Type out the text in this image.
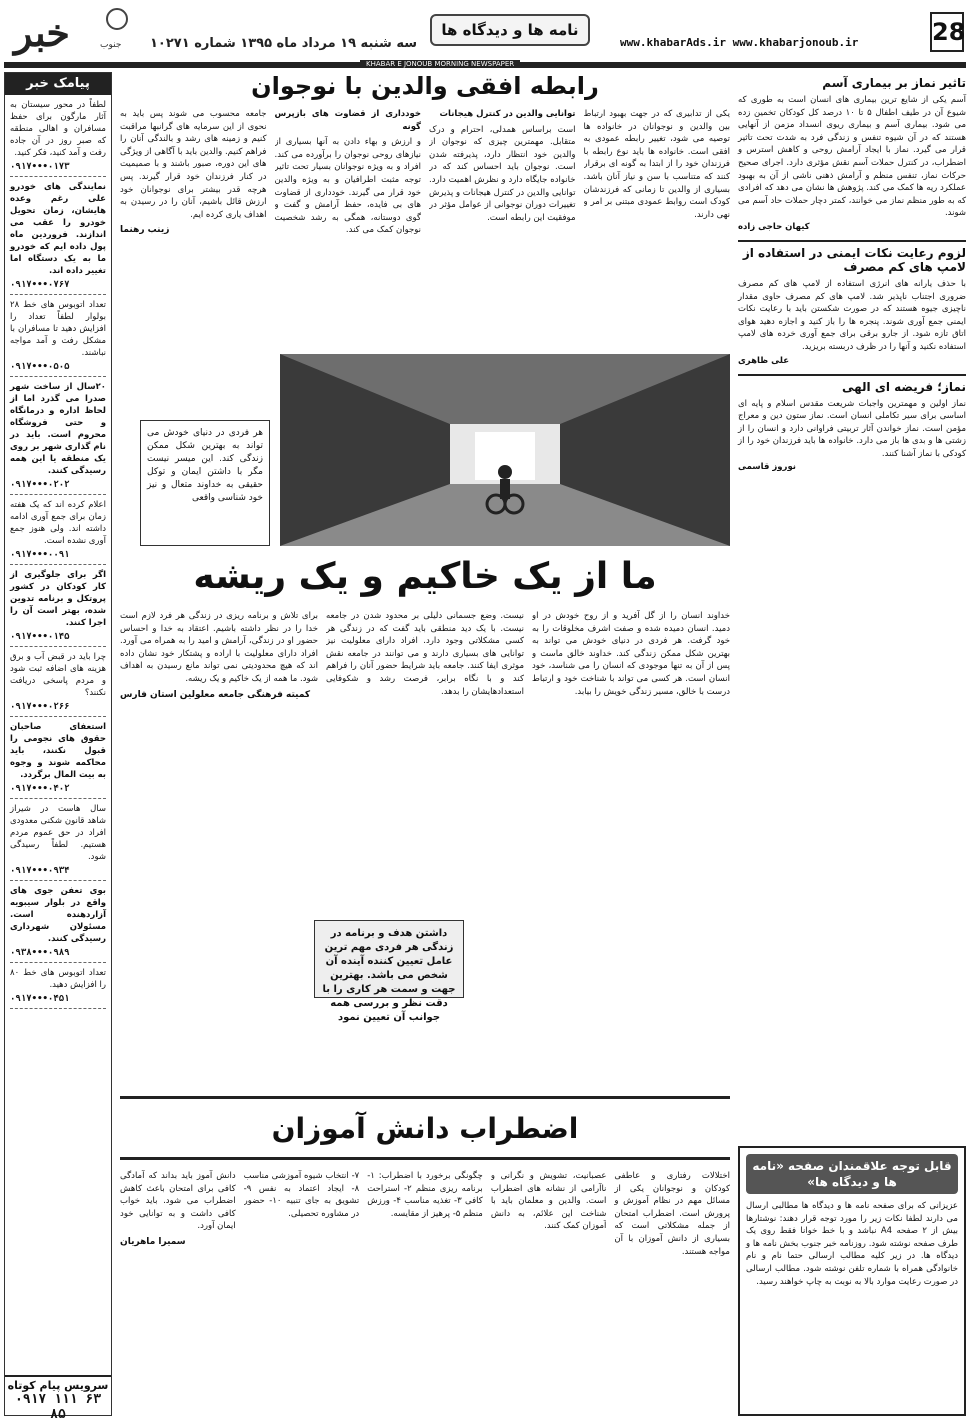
28
www.khabarAds.ir www.khabarjonoub.ir
نامه ها و دیدگاه ها
سه شنبه ۱۹ مرداد ماه ۱۳۹۵ شماره ۱۰۲۷۱
خبر	جنوب
KHABAR E JONOUB MORNING NEWSPAPER
پیامک خبر
لطفاً در محور سیستان به آثار مارگون برای حفظ مسافران و اهالی منطقه که صبر روز در آن جاده رفت و آمد کنید، فکر کنید.
۰۹۱۷•••۰۱۷۳
نمایندگی های خودرو علی رغم وعده هایشان، زمان تحویل خودرو را عقب می اندازند. فروردین ماه پول داده ایم که خودرو ما به یک دستگاه اما تغییر داده اند.
۰۹۱۷•••۰۷۶۷
تعداد اتوبوس های خط ۲۸ بولوار لطفاً تعداد را افزایش دهید تا مسافران با مشکل رفت و آمد مواجه نباشند.
۰۹۱۷•••۰۵۰۵
۲۰سال از ساخت شهر صدرا می گذرد اما از لحاظ اداره و درمانگاه و حتی فروشگاه محروم است. باید در نام گذاری شهر بر روی یک منطقه یا این همه رسیدگی کنند.
۰۹۱۷•••۰۲۰۲
اعلام کرده اند که یک هفته زمان برای جمع آوری ادامه داشته اند. ولی هنوز جمع آوری نشده است.
۰۹۱۷•••۰۰۹۱
اگر برای جلوگیری از کار کودکان در کشور پروتکل و برنامه تدوین شده، بهتر است آن را اجرا کنند.
۰۹۱۷•••۰۱۴۵
چرا باید در قبض آب و برق هزینه های اضافه ثبت شود و مردم پاسخی دریافت نکنند؟
۰۹۱۷•••۰۲۶۶
استعفای صاحبان حقوق های نجومی را قبول نکنند، باید محاکمه شوند و وجوه به بیت المال برگردد.
۰۹۱۷•••۰۴۰۲
سال هاست در شیراز شاهد قانون شکنی معدودی افراد در حق عموم مردم هستیم. لطفاً رسیدگی شود.
۰۹۱۷•••۰۹۳۴
بوی تعفن جوی های واقع در بلوار سیبویه آزاردهنده است. مسئولان شهرداری رسیدگی کنند.
۰۹۳۸•••۰۹۸۹
تعداد اتوبوس های خط ۸۰ را افزایش دهید.
۰۹۱۷•••۰۴۵۱
سرویس پیام کوتاه
۰۹۱۷ ۱۱۱ ۶۳ ۸۵
رابطه افقی والدین با نوجوان

یکی از تدابیری که در جهت بهبود ارتباط بین والدین و نوجوانان در خانواده ها توصیه می شود، تغییر رابطه عمودی به افقی است. خانواده ها باید نوع رابطه با فرزندان خود را از ابتدا به گونه ای برقرار کنند که متناسب با سن و نیاز آنان باشد. بسیاری از والدین تا زمانی که فرزندشان کودک است روابط عمودی مبتنی بر امر و نهی دارند.

توانایی والدین در کنترل هیجانات

است براساس همدلی، احترام و درک متقابل. مهمترین چیزی که نوجوان از والدین خود انتظار دارد، پذیرفته شدن است. نوجوان باید احساس کند که در خانواده جایگاه دارد و نظرش اهمیت دارد. توانایی والدین در کنترل هیجانات و پذیرش تغییرات دوران نوجوانی از عوامل مؤثر در موفقیت این رابطه است.

خودداری از قضاوت های بازپرس گونه

و ارزش و بهاء دادن به آنها بسیاری از نیازهای روحی نوجوان را برآورده می کند. افراد و به ویژه نوجوانان بسیار تحت تاثیر توجه مثبت اطرافیان و به ویژه والدین خود قرار می گیرند. خودداری از قضاوت های بی فایده، حفظ آرامش و گفت و گوی دوستانه، همگی به رشد شخصیت نوجوان کمک می کند.

جامعه محسوب می شوند پس باید به نحوی از این سرمایه های گرانبها مراقبت کنیم و زمینه های رشد و بالندگی آنان را فراهم کنیم. والدین باید با آگاهی از ویژگی های این دوره، صبور باشند و با صمیمیت در کنار فرزندان خود قرار گیرند. پس هرچه قدر بیشتر برای نوجوانان خود ارزش قائل باشیم، آنان را در رسیدن به اهداف یاری کرده ایم.

زینب رهنما
هر فردی در دنیای خودش می تواند به بهترین شکل ممکن زندگی کند. این میسر نیست مگر با داشتن ایمان و توکل حقیقی به خداوند متعال و نیز خود شناسی واقعی
ما از یک خاکیم و یک ریشه

خداوند انسان را از گل آفرید و از روح خودش در او دمید. انسان دمیده شده و صفت اشرف مخلوقات را به خود گرفت. هر فردی در دنیای خودش می تواند به بهترین شکل ممکن زندگی کند. خداوند خالق ماست و پس از آن به تنها موجودی که انسان را می شناسد، خود انسان است. هر کسی می تواند با شناخت خود و ارتباط درست با خالق، مسیر زندگی خویش را بیابد.

نیست. وضع جسمانی دلیلی بر محدود شدن در جامعه نیست. با یک دید منطقی باید گفت که در زندگی هر کسی مشکلاتی وجود دارد. افراد دارای معلولیت نیز توانایی های بسیاری دارند و می توانند در جامعه نقش موثری ایفا کنند. جامعه باید شرایط حضور آنان را فراهم کند و با نگاه برابر، فرصت رشد و شکوفایی استعدادهایشان را بدهد.

برای تلاش و برنامه ریزی در زندگی هر فرد لازم است خدا را در نظر داشته باشیم. اعتقاد به خدا و احساس حضور او در زندگی، آرامش و امید را به همراه می آورد. افراد دارای معلولیت با اراده و پشتکار خود نشان داده اند که هیچ محدودیتی نمی تواند مانع رسیدن به اهداف شود. ما همه از یک خاکیم و یک ریشه.

کمیته فرهنگی جامعه معلولین استان فارس
داشتن هدف و برنامه در زندگی هر فردی مهم ترین عامل تعیین کننده آینده آن شخص می باشد. بهترین جهت و سمت هر کاری را با دقت نظر و بررسی همه جوانب آن تعیین نمود
اضطراب دانش آموزان

اختلالات رفتاری و عاطفی کودکان و نوجوانان یکی از مسائل مهم در نظام آموزش و پرورش است. اضطراب امتحان از جمله مشکلاتی است که بسیاری از دانش آموزان با آن مواجه هستند.

عصبانیت، تشویش و نگرانی و ناآرامی از نشانه های اضطراب است. والدین و معلمان باید با شناخت این علائم، به دانش آموزان کمک کنند.

چگونگی برخورد با اضطراب: ۱- برنامه ریزی منظم ۲- استراحت کافی ۳- تغذیه مناسب ۴- ورزش منظم ۵- پرهیز از مقایسه.

۷- انتخاب شیوه آموزشی مناسب ۸- ایجاد اعتماد به نفس ۹- تشویق به جای تنبیه ۱۰- حضور در مشاوره تحصیلی.

دانش آموز باید بداند که آمادگی کافی برای امتحان باعث کاهش اضطراب می شود. باید خواب کافی داشت و به توانایی خود ایمان آورد.

سمیرا ماهریان
تاثیر نماز بر بیماری آسم
آسم یکی از شایع ترین بیماری های انسان است به طوری که شیوع آن در طیف اطفال ۵ تا ۱۰ درصد کل کودکان تخمین زده می شود. بیماری آسم و بیماری ریوی انسداد مزمن از آنهایی هستند که در آن شیوه تنفس و زندگی فرد به شدت تحت تاثیر قرار می گیرد. نماز با ایجاد آرامش روحی و کاهش استرس و اضطراب، در کنترل حملات آسم نقش مؤثری دارد. اجرای صحیح حرکات نماز، تنفس منظم و آرامش ذهنی ناشی از آن به بهبود عملکرد ریه ها کمک می کند. پژوهش ها نشان می دهد که افرادی که به طور منظم نماز می خوانند، کمتر دچار حملات حاد آسم می شوند.
کیهان حاجی زاده
لزوم رعایت نکات ایمنی در استفاده از لامپ های کم مصرف
با حذف یارانه های انرژی استفاده از لامپ های کم مصرف ضروری اجتناب ناپذیر شد. لامپ های کم مصرف حاوی مقدار ناچیزی جیوه هستند که در صورت شکستن باید با رعایت نکات ایمنی جمع آوری شوند. پنجره ها را باز کنید و اجازه دهید هوای اتاق تازه شود. از جارو برقی برای جمع آوری خرده های لامپ استفاده نکنید و آنها را در ظرف دربسته بریزید.
علی ظاهری
نماز؛ فریضه ای الهی
نماز اولین و مهمترین واجبات شریعت مقدس اسلام و پایه ای اساسی برای سیر تکاملی انسان است. نماز ستون دین و معراج مؤمن است. نماز خواندن آثار تربیتی فراوانی دارد و انسان را از زشتی ها و بدی ها باز می دارد. خانواده ها باید فرزندان خود را از کودکی با نماز آشنا کنند.
نوروز قاسمی
قابل توجه علاقمندان صفحه «نامه ها و دیدگاه ها»
عزیزانی که برای صفحه نامه ها و دیدگاه ها مطالبی ارسال می دارند لطفا نکات زیر را مورد توجه قرار دهند: نوشتارها بیش از ۲ صفحه A4 نباشد و با خط خوانا فقط روی یک طرف صفحه نوشته شود. روزنامه خبر جنوب بخش نامه ها و دیدگاه ها. در زیر کلیه مطالب ارسالی حتما نام و نام خانوادگی همراه با شماره تلفن نوشته شود. مطالب ارسالی در صورت رعایت موارد بالا به نوبت به چاپ خواهند رسید.
